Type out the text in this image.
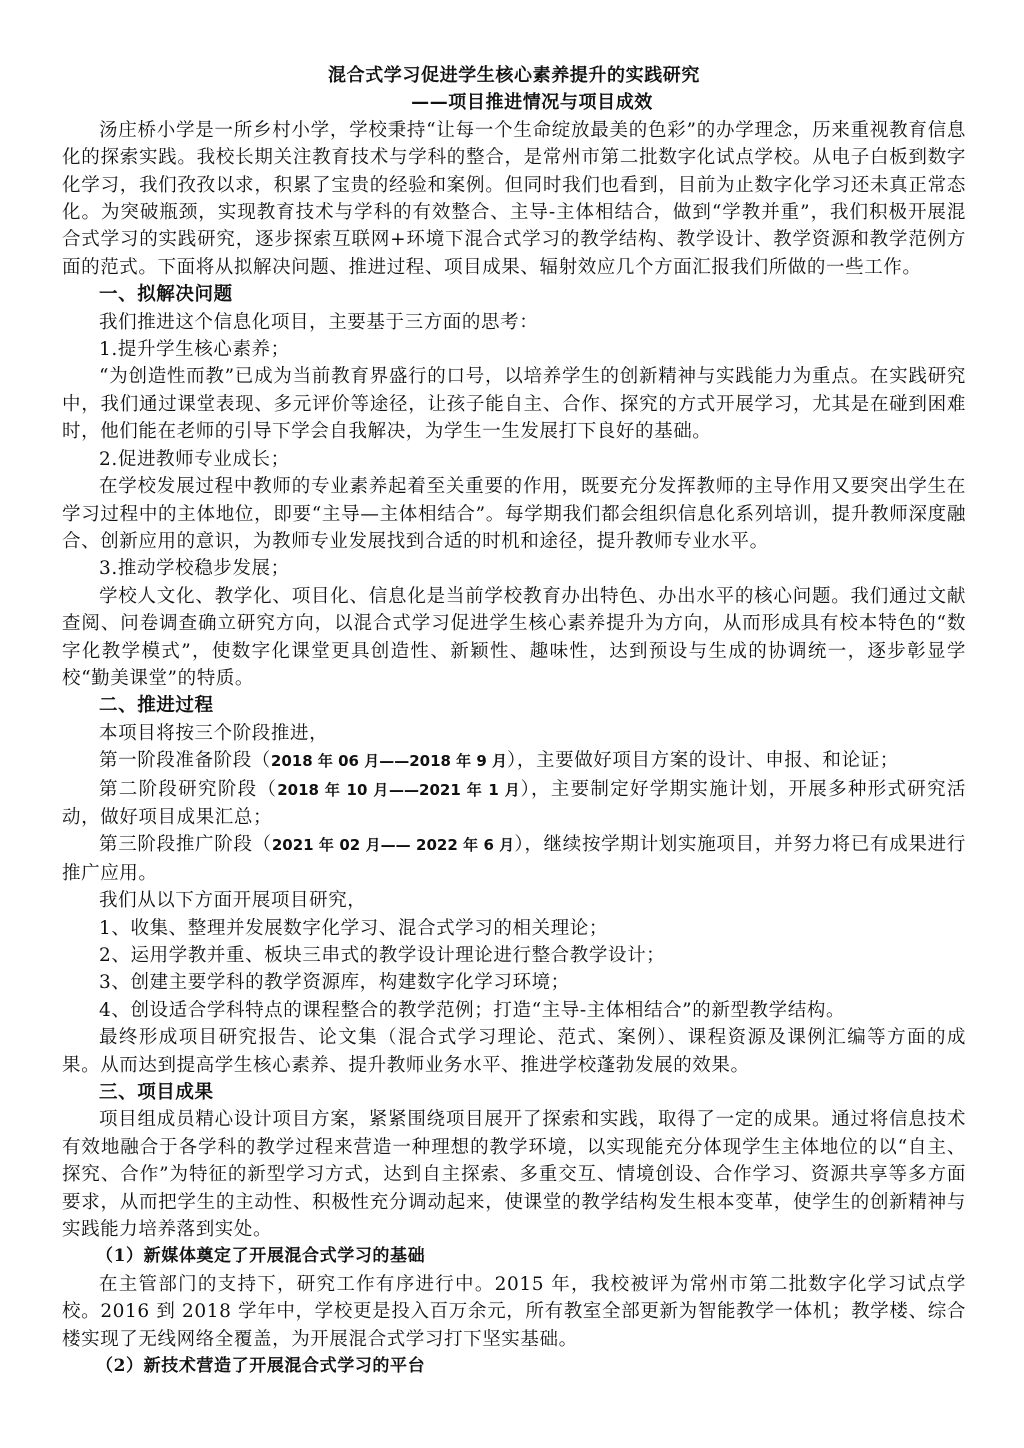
混合式学习促进学生核心素养提升的实践研究
——项目推进情况与项目成效

汤庄桥小学是一所乡村小学，学校秉持“让每一个生命绽放最美的色彩”的办学理念，历来重视教育信息化的探索实践。我校长期关注教育技术与学科的整合，是常州市第二批数字化试点学校。从电子白板到数字化学习，我们孜孜以求，积累了宝贵的经验和案例。但同时我们也看到，目前为止数字化学习还未真正常态化。为突破瓶颈，实现教育技术与学科的有效整合、主导-主体相结合，做到“学教并重”，我们积极开展混合式学习的实践研究，逐步探索互联网+环境下混合式学习的教学结构、教学设计、教学资源和教学范例方面的范式。下面将从拟解决问题、推进过程、项目成果、辐射效应几个方面汇报我们所做的一些工作。

一、拟解决问题

我们推进这个信息化项目，主要基于三方面的思考：

1.提升学生核心素养；

“为创造性而教”已成为当前教育界盛行的口号，以培养学生的创新精神与实践能力为重点。在实践研究中，我们通过课堂表现、多元评价等途径，让孩子能自主、合作、探究的方式开展学习，尤其是在碰到困难时，他们能在老师的引导下学会自我解决，为学生一生发展打下良好的基础。

2.促进教师专业成长；

在学校发展过程中教师的专业素养起着至关重要的作用，既要充分发挥教师的主导作用又要突出学生在学习过程中的主体地位，即要“主导—主体相结合”。每学期我们都会组织信息化系列培训，提升教师深度融合、创新应用的意识，为教师专业发展找到合适的时机和途径，提升教师专业水平。

3.推动学校稳步发展；

学校人文化、教学化、项目化、信息化是当前学校教育办出特色、办出水平的核心问题。我们通过文献查阅、问卷调查确立研究方向，以混合式学习促进学生核心素养提升为方向，从而形成具有校本特色的“数字化教学模式”，使数字化课堂更具创造性、新颖性、趣味性，达到预设与生成的协调统一，逐步彰显学校“勤美课堂”的特质。

二、推进过程

本项目将按三个阶段推进，

第一阶段准备阶段（2018 年 06 月——2018 年 9 月），主要做好项目方案的设计、申报、和论证；

第二阶段研究阶段（2018 年 10 月——2021 年 1 月），主要制定好学期实施计划，开展多种形式研究活动，做好项目成果汇总；

第三阶段推广阶段（2021 年 02 月—— 2022 年 6 月），继续按学期计划实施项目，并努力将已有成果进行推广应用。

我们从以下方面开展项目研究，

1、收集、整理并发展数字化学习、混合式学习的相关理论；

2、运用学教并重、板块三串式的教学设计理论进行整合教学设计；

3、创建主要学科的教学资源库，构建数字化学习环境；

4、创设适合学科特点的课程整合的教学范例；打造“主导-主体相结合”的新型教学结构。

最终形成项目研究报告、论文集（混合式学习理论、范式、案例）、课程资源及课例汇编等方面的成果。从而达到提高学生核心素养、提升教师业务水平、推进学校蓬勃发展的效果。

三、项目成果

项目组成员精心设计项目方案，紧紧围绕项目展开了探索和实践，取得了一定的成果。通过将信息技术有效地融合于各学科的教学过程来营造一种理想的教学环境，以实现能充分体现学生主体地位的以“自主、探究、合作”为特征的新型学习方式，达到自主探索、多重交互、情境创设、合作学习、资源共享等多方面要求，从而把学生的主动性、积极性充分调动起来，使课堂的教学结构发生根本变革，使学生的创新精神与实践能力培养落到实处。

（1）新媒体奠定了开展混合式学习的基础

在主管部门的支持下，研究工作有序进行中。2015 年，我校被评为常州市第二批数字化学习试点学校。2016 到 2018 学年中，学校更是投入百万余元，所有教室全部更新为智能教学一体机；教学楼、综合楼实现了无线网络全覆盖，为开展混合式学习打下坚实基础。

（2）新技术营造了开展混合式学习的平台
